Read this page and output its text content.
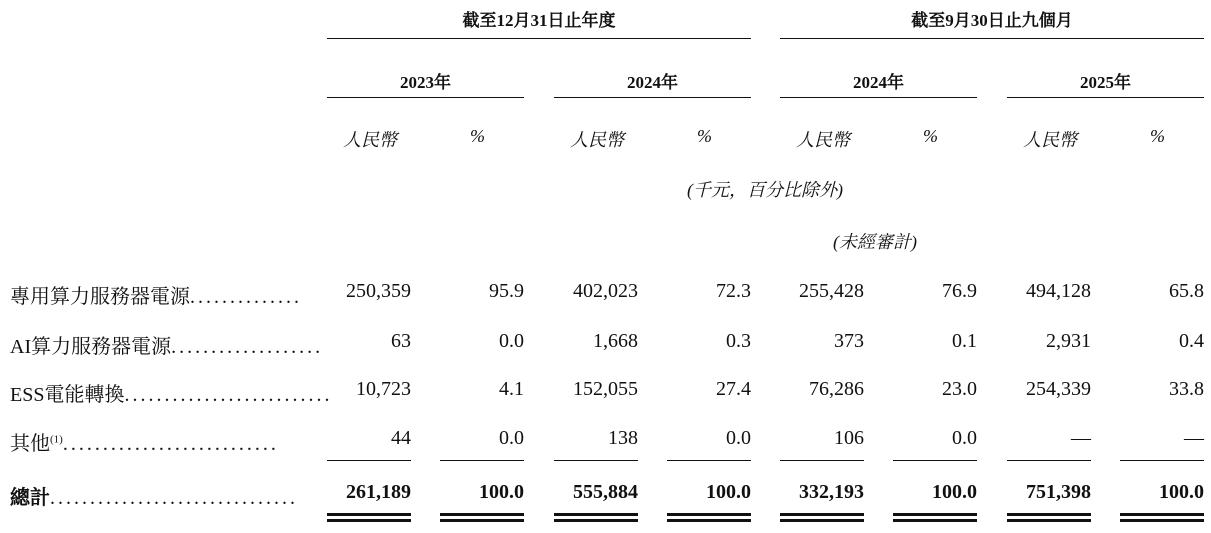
截至12月31日止年度	截至9月30日止九個月
2023年	2024年	2024年	2025年
人民幣	%	人民幣	%	人民幣	%	人民幣	%
(千元，百分比除外)
(未經審計)
專用算力服務器電源..............	250,359	95.9	402,023	72.3	255,428	76.9	494,128	65.8
AI算力服務器電源...................	63	0.0	1,668	0.3	373	0.1	2,931	0.4
ESS電能轉換..........................	10,723	4.1	152,055	27.4	76,286	23.0	254,339	33.8
其他$^{(1)}$...........................	44	0.0	138	0.0	106	0.0	—	—
總計...............................	261,189	100.0	555,884	100.0	332,193	100.0	751,398	100.0
